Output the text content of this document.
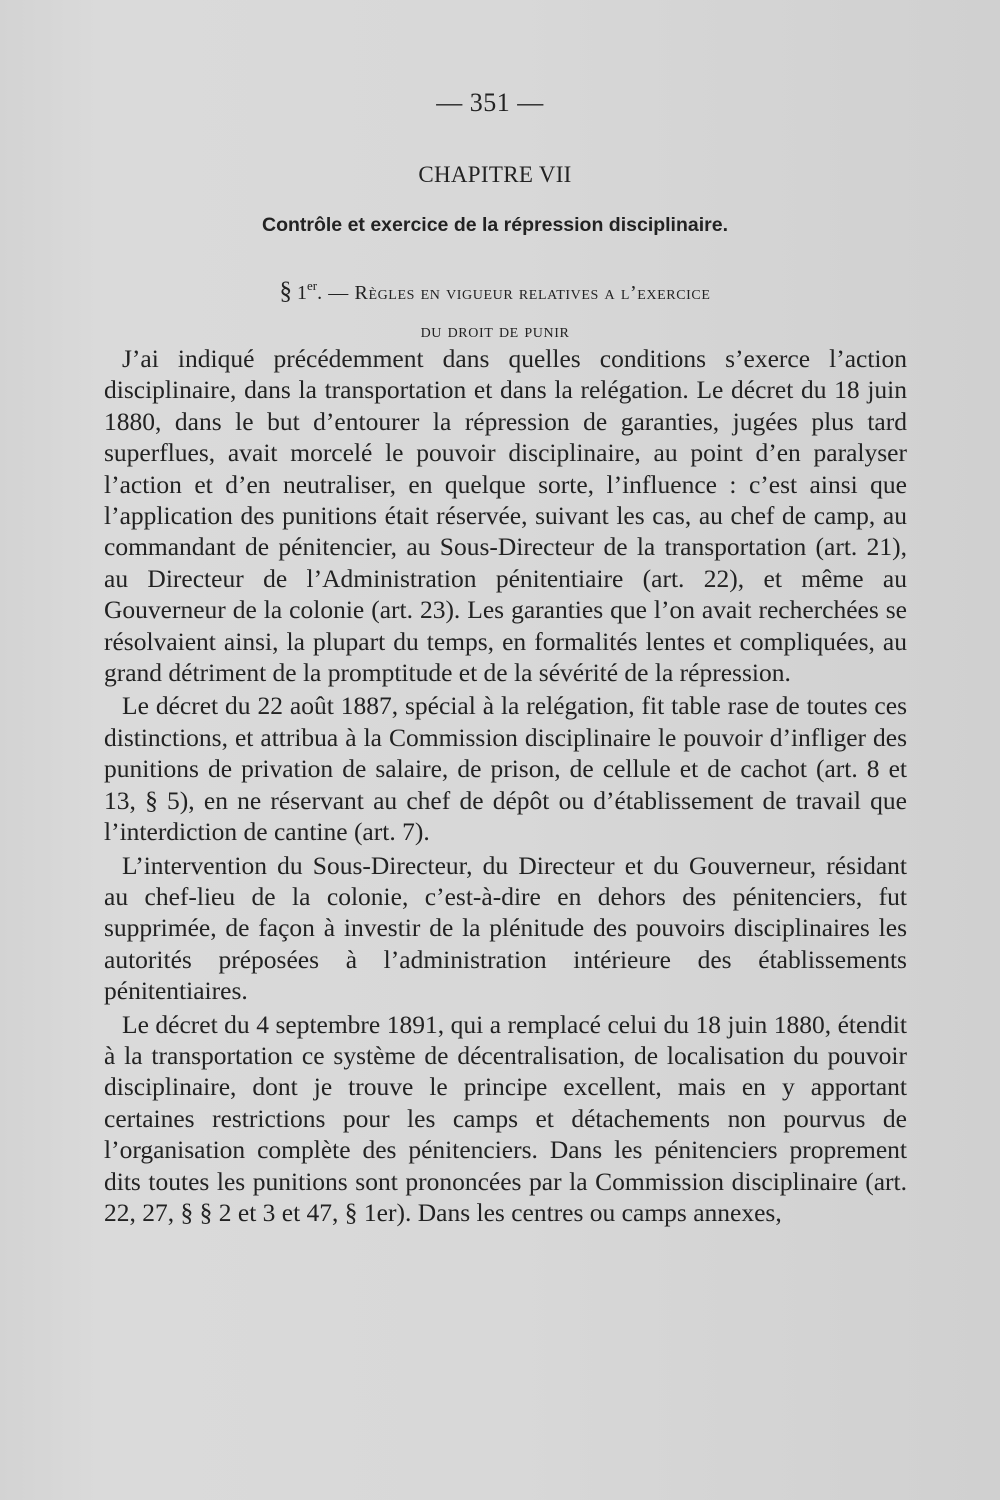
— 351 —
CHAPITRE VII
Contrôle et exercice de la répression disciplinaire.
§ 1er. — Règles en vigueur relatives a l’exercice
du droit de punir

J’ai indiqué précédemment dans quelles conditions s’exerce l’action disciplinaire, dans la transportation et dans la relégation. Le décret du 18 juin 1880, dans le but d’entourer la répression de garanties, jugées plus tard superflues, avait morcelé le pouvoir disciplinaire, au point d’en paralyser l’action et d’en neutraliser, en quelque sorte, l’influence : c’est ainsi que l’application des punitions était réservée, suivant les cas, au chef de camp, au commandant de pénitencier, au Sous-Directeur de la transportation (art. 21), au Directeur de l’Administration pénitentiaire (art. 22), et même au Gouverneur de la colonie (art. 23). Les garanties que l’on avait recherchées se résolvaient ainsi, la plupart du temps, en formalités lentes et compliquées, au grand détriment de la promptitude et de la sévérité de la répression.

Le décret du 22 août 1887, spécial à la relégation, fit table rase de toutes ces distinctions, et attribua à la Commission disciplinaire le pouvoir d’infliger des punitions de privation de salaire, de prison, de cellule et de cachot (art. 8 et 13, § 5), en ne réservant au chef de dépôt ou d’établissement de travail que l’interdiction de cantine (art. 7).

L’intervention du Sous-Directeur, du Directeur et du Gouverneur, résidant au chef-lieu de la colonie, c’est-à-dire en dehors des pénitenciers, fut supprimée, de façon à investir de la plénitude des pouvoirs disciplinaires les autorités préposées à l’administration intérieure des établissements pénitentiaires.

Le décret du 4 septembre 1891, qui a remplacé celui du 18 juin 1880, étendit à la transportation ce système de décentralisation, de localisation du pouvoir disciplinaire, dont je trouve le principe excellent, mais en y apportant certaines restrictions pour les camps et détachements non pourvus de l’organisation complète des pénitenciers. Dans les pénitenciers proprement dits toutes les punitions sont prononcées par la Commission disciplinaire (art. 22, 27, § § 2 et 3 et 47, § 1er). Dans les centres ou camps annexes,
